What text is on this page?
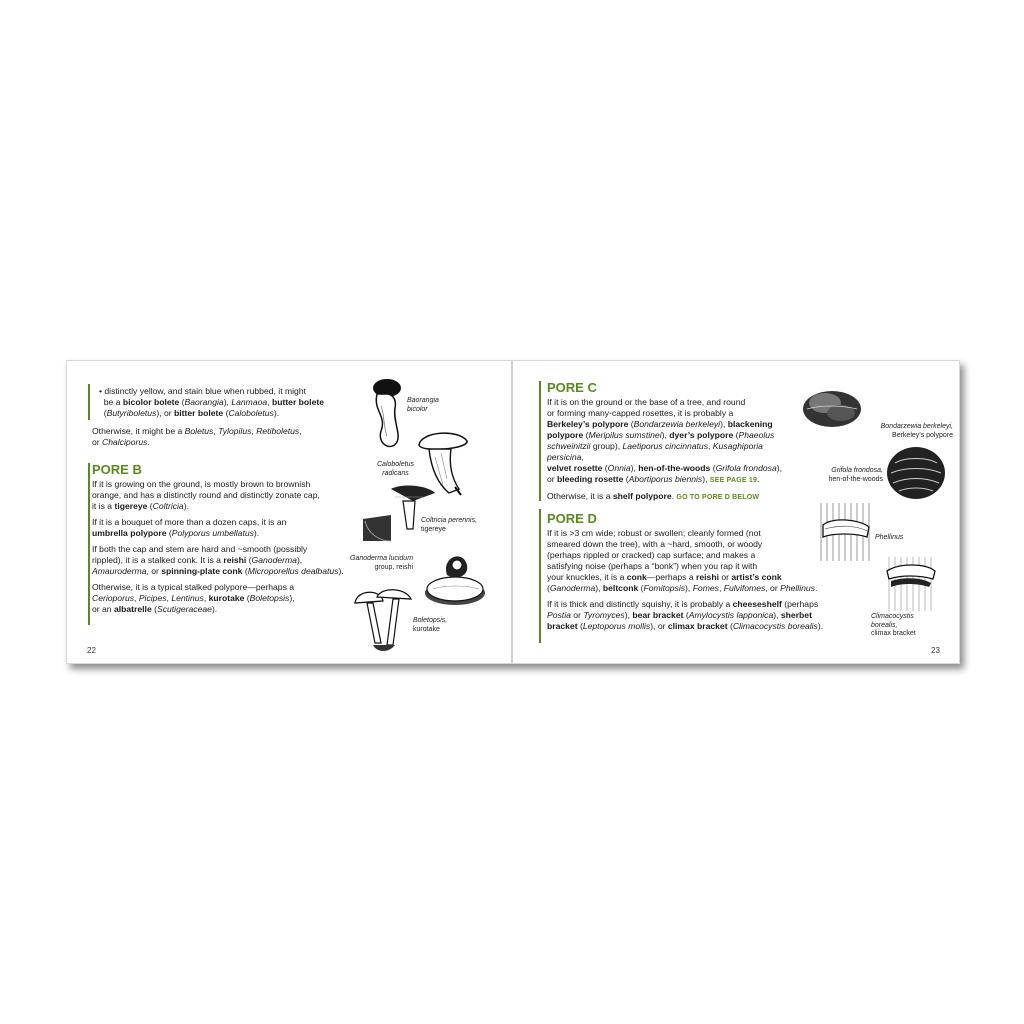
• distinctly yellow, and stain blue when rubbed, it might
be a bicolor bolete (Baorangia), Lanmaoa, butter bolete
(Butyriboletus), or bitter bolete (Caloboletus).

Otherwise, it might be a Boletus, Tylopilus, Retiboletus,
or Chalciporus.

PORE B

If it is growing on the ground, is mostly brown to brownish
orange, and has a distinctly round and distinctly zonate cap,
it is a tigereye (Coltricia).

If it is a bouquet of more than a dozen caps, it is an
umbrella polypore (Polyporus umbellatus).

If both the cap and stem are hard and ~smooth (possibly
rippled), it is a stalked conk. It is a reishi (Ganoderma),
Amauroderma, or spinning-plate conk (Microporellus dealbatus).

Otherwise, it is a typical stalked polypore—perhaps a
Cerioporus, Picipes, Lentinus, kurotake (Boletopsis),
or an albatrelle (Scutigeraceae).

Baorangia
bicolor
Caloboletus
radicans
Coltricia perennis,
tigereye
Ganoderma lucidum
group, reishi
Boletopsis,
kurotake
22
PORE C

If it is on the ground or the base of a tree, and round
or forming many-capped rosettes, it is probably a
Berkeley’s polypore (Bondarzewia berkeleyi), blackening
polypore (Meripilus sumstinei), dyer’s polypore (Phaeolus
schweinitzii group), Laetiporus cincinnatus, Kusaghiporia persicina,
velvet rosette (Onnia), hen-of-the-woods (Grifola frondosa),
or bleeding rosette (Abortiporus biennis), SEE PAGE 19.

Otherwise, it is a shelf polypore. GO TO PORE D BELOW

PORE D

If it is >3 cm wide; robust or swollen; cleanly formed (not
smeared down the tree), with a ~hard, smooth, or woody
(perhaps rippled or cracked) cap surface; and makes a
satisfying noise (perhaps a “bonk”) when you rap it with
your knuckles, it is a conk—perhaps a reishi or artist’s conk
(Ganoderma), beltconk (Fomitopsis), Fomes, Fulvifomes, or Phellinus.

If it is thick and distinctly squishy, it is probably a cheeseshelf (perhaps
Postia or Tyromyces), bear bracket (Amylocystis lapponica), sherbet
bracket (Leptoporus mollis), or climax bracket (Climacocystis borealis).

Bondarzewia berkeleyi,
Berkeley’s polypore
Grifola frondosa,
hen-of-the-woods
Phellinus
Climacocystis
borealis,
climax bracket
23
